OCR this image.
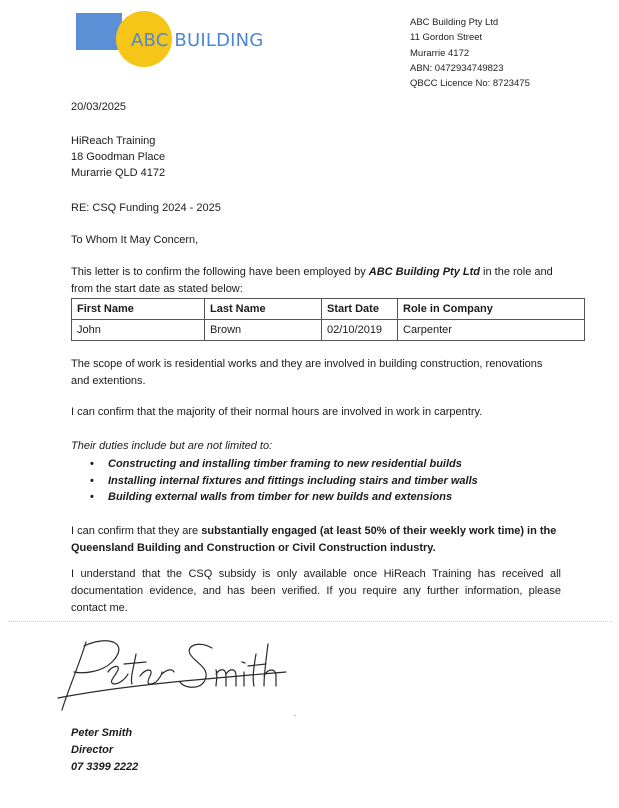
ABC BUILDING
ABC Building Pty Ltd
11 Gordon Street
Murarrie 4172
ABN: 0472934749823
QBCC Licence No: 8723475
20/03/2025
HiReach Training
18 Goodman Place
Murarrie QLD 4172
RE: CSQ Funding 2024 - 2025
To Whom It May Concern,
This letter is to confirm the following have been employed by ABC Building Pty Ltd in the role and from the start date as stated below:
First Name	Last Name	Start Date	Role in Company
John	Brown	02/10/2019	Carpenter
The scope of work is residential works and they are involved in building construction, renovations and extentions.
I can confirm that the majority of their normal hours are involved in work in carpentry.
Their duties include but are not limited to:
• Constructing and installing timber framing to new residential builds
• Installing internal fixtures and fittings including stairs and timber walls
• Building external walls from timber for new builds and extensions
I can confirm that they are substantially engaged (at least 50% of their weekly work time) in the Queensland Building and Construction or Civil Construction industry.
I understand that the CSQ subsidy is only available once HiReach Training has received all documentation evidence, and has been verified. If you require any further information, please contact me.
Peter Smith
Director
07 3399 2222
